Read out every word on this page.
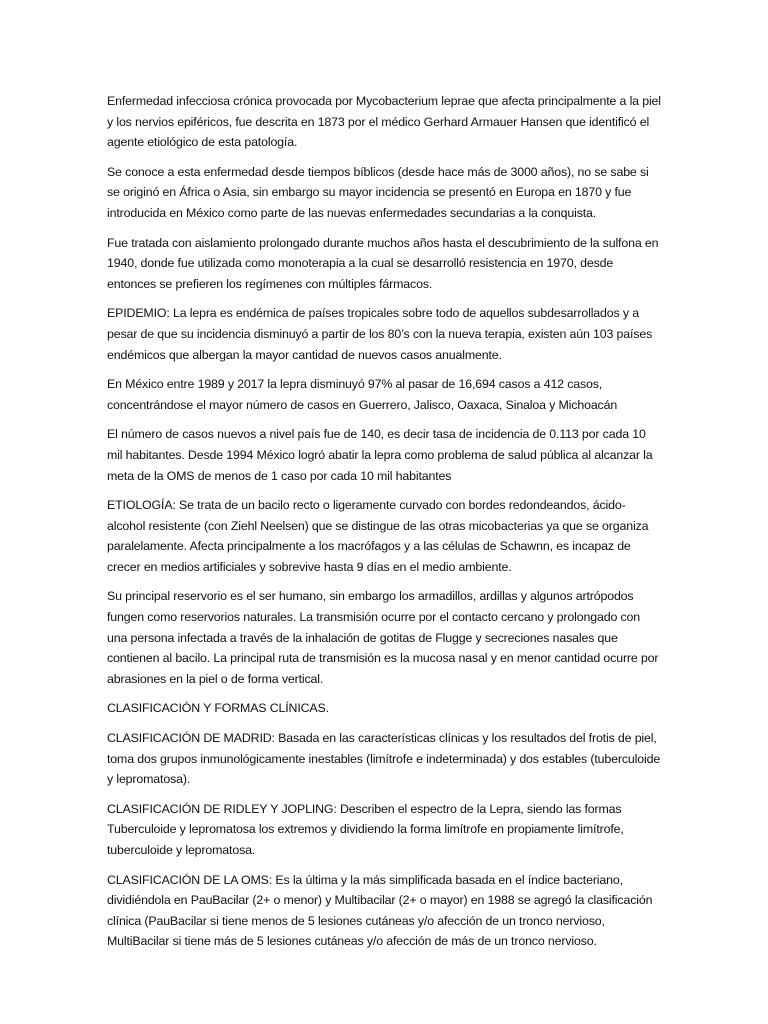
Enfermedad infecciosa crónica provocada por Mycobacterium leprae que afecta principalmente a la piel y los nervios epiféricos, fue descrita en 1873 por el médico Gerhard Armauer Hansen que identificó el agente etiológico de esta patología.

Se conoce a esta enfermedad desde tiempos bíblicos (desde hace más de 3000 años), no se sabe si se originó en África o Asia, sin embargo su mayor incidencia se presentó en Europa en 1870 y fue introducida en México como parte de las nuevas enfermedades secundarias a la conquista.

Fue tratada con aislamiento prolongado durante muchos años hasta el descubrimiento de la sulfona en 1940, donde fue utilizada como monoterapia a la cual se desarrolló resistencia en 1970, desde entonces se prefieren los regímenes con múltiples fármacos.

EPIDEMIO: La lepra es endémica de países tropicales sobre todo de aquellos subdesarrollados y a pesar de que su incidencia disminuyó a partir de los 80’s con la nueva terapia, existen aún 103 países endémicos que albergan la mayor cantidad de nuevos casos anualmente.

En México entre 1989 y 2017 la lepra disminuyó 97% al pasar de 16,694 casos a 412 casos, concentrándose el mayor número de casos en Guerrero, Jalisco, Oaxaca, Sinaloa y Michoacán

El número de casos nuevos a nivel país fue de 140, es decir tasa de incidencia de 0.113 por cada 10 mil habitantes. Desde 1994 México logró abatir la lepra como problema de salud pública al alcanzar la meta de la OMS de menos de 1 caso por cada 10 mil habitantes

ETIOLOGÍA: Se trata de un bacilo recto o ligeramente curvado con bordes redondeandos, ácido-alcohol resistente (con Ziehl Neelsen) que se distingue de las otras micobacterias ya que se organiza paralelamente. Afecta principalmente a los macrófagos y a las células de Schawnn, es incapaz de crecer en medios artificiales y sobrevive hasta 9 días en el medio ambiente.

Su principal reservorio es el ser humano, sin embargo los armadillos, ardillas y algunos artrópodos fungen como reservorios naturales. La transmisión ocurre por el contacto cercano y prolongado con una persona infectada a través de la inhalación de gotitas de Flugge y secreciones nasales que contienen al bacilo. La principal ruta de transmisión es la mucosa nasal y en menor cantidad ocurre por abrasiones en la piel o de forma vertical.

CLASIFICACIÓN Y FORMAS CLÍNICAS.

CLASIFICACIÓN DE MADRID: Basada en las características clínicas y los resultados del frotis de piel, toma dos grupos inmunológicamente inestables (limítrofe e indeterminada) y dos estables (tuberculoide y lepromatosa).

CLASIFICACIÓN DE RIDLEY Y JOPLING: Describen el espectro de la Lepra, siendo las formas Tuberculoide y lepromatosa los extremos y dividiendo la forma limítrofe en propiamente limítrofe, tuberculoide y lepromatosa.

CLASIFICACIÓN DE LA OMS: Es la última y la más simplificada basada en el índice bacteriano, dividiéndola en PauBacilar (2+ o menor) y Multibacilar (2+ o mayor) en 1988 se agregó la clasificación clínica (PauBacilar si tiene menos de 5 lesiones cutáneas y/o afección de un tronco nervioso, MultiBacilar si tiene más de 5 lesiones cutáneas y/o afección de más de un tronco nervioso.
